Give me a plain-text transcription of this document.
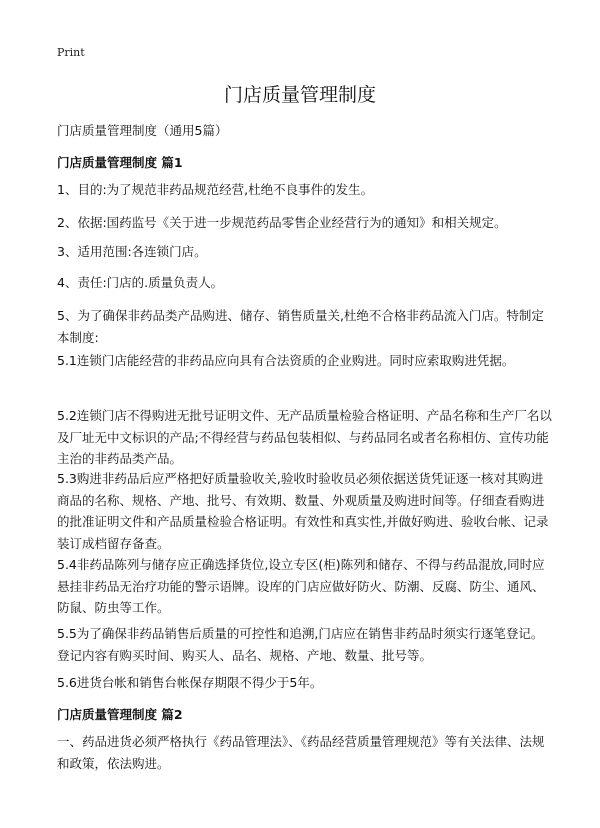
Print
门店质量管理制度
门店质量管理制度（通用5篇）
门店质量管理制度 篇1

1、目的:为了规范非药品规范经营,杜绝不良事件的发生。

2、依据:国药监号《关于进一步规范药品零售企业经营行为的通知》和相关规定。

3、适用范围:各连锁门店。

4、责任:门店的.质量负责人。

5、为了确保非药品类产品购进、储存、销售质量关,杜绝不合格非药品流入门店。特制定本制度:

5.1连锁门店能经营的非药品应向具有合法资质的企业购进。同时应索取购进凭据。

5.2连锁门店不得购进无批号证明文件、无产品质量检验合格证明、产品名称和生产厂名以及厂址无中文标识的产品;不得经营与药品包装相似、与药品同名或者名称相仿、宣传功能主治的非药品类产品。

5.3购进非药品后应严格把好质量验收关,验收时验收员必须依据送货凭证逐一核对其购进商品的名称、规格、产地、批号、有效期、数量、外观质量及购进时间等。仔细查看购进的批准证明文件和产品质量检验合格证明。有效性和真实性,并做好购进、验收台帐、记录装订成档留存备查。

5.4非药品陈列与储存应正确选择货位,设立专区(柜)陈列和储存、不得与药品混放,同时应悬挂非药品无治疗功能的警示语牌。设库的门店应做好防火、防潮、反腐、防尘、通风、防鼠、防虫等工作。

5.5为了确保非药品销售后质量的可控性和追溯,门店应在销售非药品时须实行逐笔登记。登记内容有购买时间、购买人、品名、规格、产地、数量、批号等。

5.6进货台帐和销售台帐保存期限不得少于5年。

门店质量管理制度 篇2

一、药品进货必须严格执行《药品管理法》、《药品经营质量管理规范》等有关法律、法规和政策，依法购进。
